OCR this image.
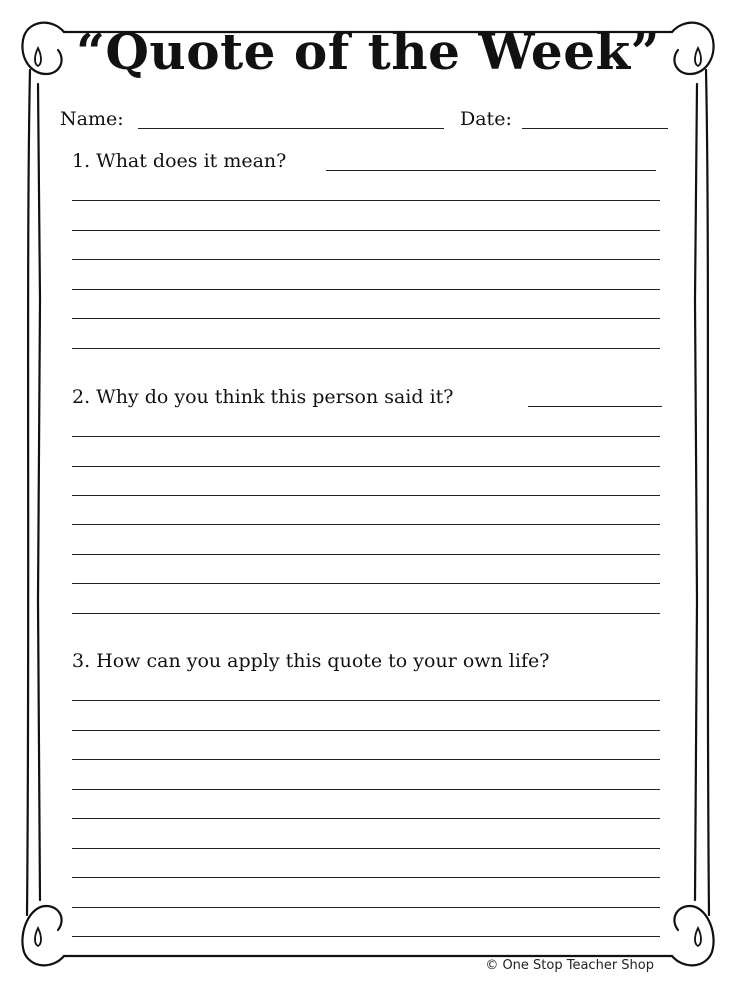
“Quote of the Week”
Name:	Date:
1. What does it mean?
2. Why do you think this person said it?
3. How can you apply this quote to your own life?
© One Stop Teacher Shop
